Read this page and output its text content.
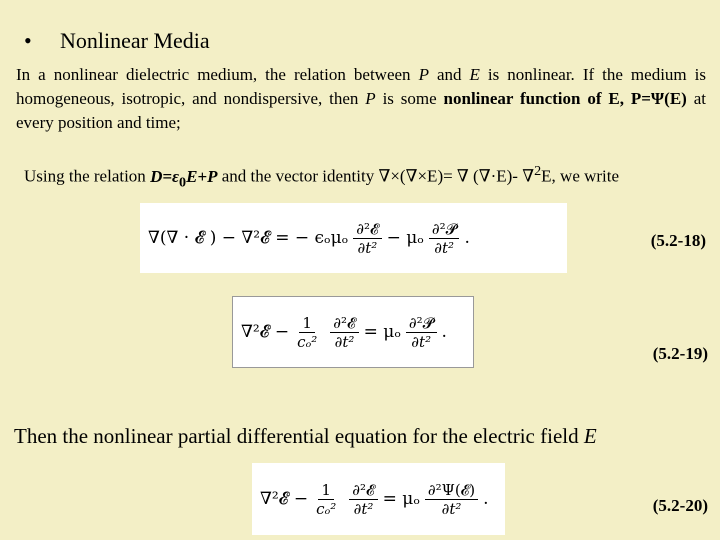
• Nonlinear Media
In a nonlinear dielectric medium, the relation between P and E is nonlinear. If the medium is homogeneous, isotropic, and nondispersive, then P is some nonlinear function of E, P=Ψ(E) at every position and time;
Using the relation $D=\varepsilon_0E+P$ and the vector identity ∇×(∇×E)= ∇ (∇·E)- ∇$^2$E, we write
∇(∇ · 𝓔 ) − ∇²𝓔 = − ϵₒμₒ $\frac{\text{∂²𝓔}}{\text{∂t²}} - \mu_o \frac{\text{∂²𝓟}}{\text{∂t²}}$ .	(5.2-18)
∇²𝓔 − $\frac{1}{\text{cₒ²}} \frac{\text{∂²𝓔}}{\text{∂t²}} = \mu_o \frac{\text{∂²𝓟}}{\text{∂t²}}$ .
(5.2-19)
Then the nonlinear partial differential equation for the electric field E
∇²𝓔 − $\frac{1}{\text{cₒ²}} \frac{\text{∂²𝓔}}{\text{∂t²}} = \mu_o \frac{\text{∂²Ψ(𝓔)}}{\text{∂t²}}$ .	(5.2-20)
